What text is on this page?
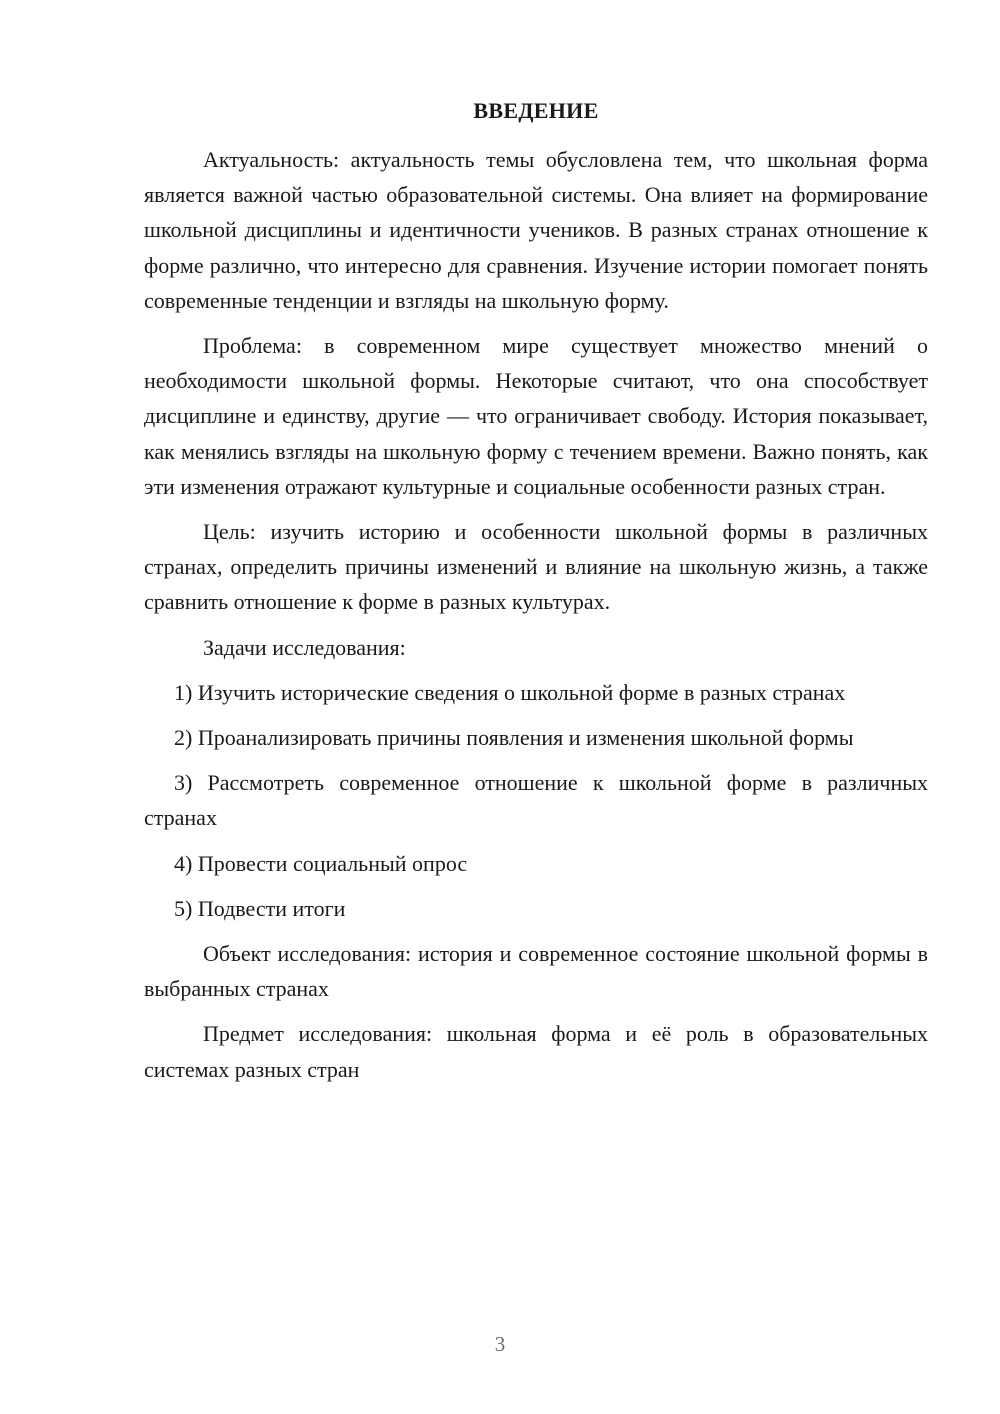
ВВЕДЕНИЕ

Актуальность: актуальность темы обусловлена тем, что школьная форма является важной частью образовательной системы. Она влияет на формирование школьной дисциплины и идентичности учеников. В разных странах отношение к форме различно, что интересно для сравнения. Изучение истории помогает понять современные тенденции и взгляды на школьную форму.

Проблема: в современном мире существует множество мнений о необходимости школьной формы. Некоторые считают, что она способствует дисциплине и единству, другие — что ограничивает свободу. История показывает, как менялись взгляды на школьную форму с течением времени. Важно понять, как эти изменения отражают культурные и социальные особенности разных стран.

Цель: изучить историю и особенности школьной формы в различных странах, определить причины изменений и влияние на школьную жизнь, а также сравнить отношение к форме в разных культурах.

Задачи исследования:

1) Изучить исторические сведения о школьной форме в разных странах

2) Проанализировать причины появления и изменения школьной формы

3) Рассмотреть современное отношение к школьной форме в различных странах

4) Провести социальный опрос

5) Подвести итоги

Объект исследования: история и современное состояние школьной формы в выбранных странах

Предмет исследования: школьная форма и её роль в образовательных системах разных стран

3
